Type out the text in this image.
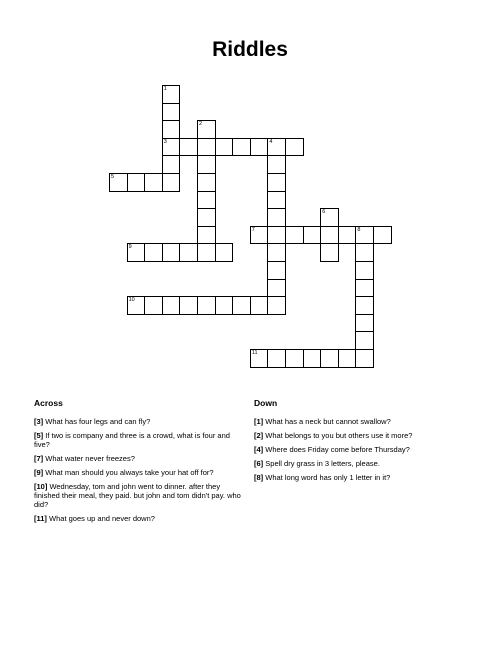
Riddles
1
2
3	4
5
6
7	8
9
10
11
Across
[3] What has four legs and can fly?
[5] If two is company and three is a crowd, what is four and five?
[7] What water never freezes?
[9] What man should you always take your hat off for?
[10] Wednesday, tom and john went to dinner. after they finished their meal, they paid. but john and tom didn't pay. who did?
[11] What goes up and never down?
Down
[1] What has a neck but cannot swallow?
[2] What belongs to you but others use it more?
[4] Where does Friday come before Thursday?
[6] Spell dry grass in 3 letters, please.
[8] What long word has only 1 letter in it?
